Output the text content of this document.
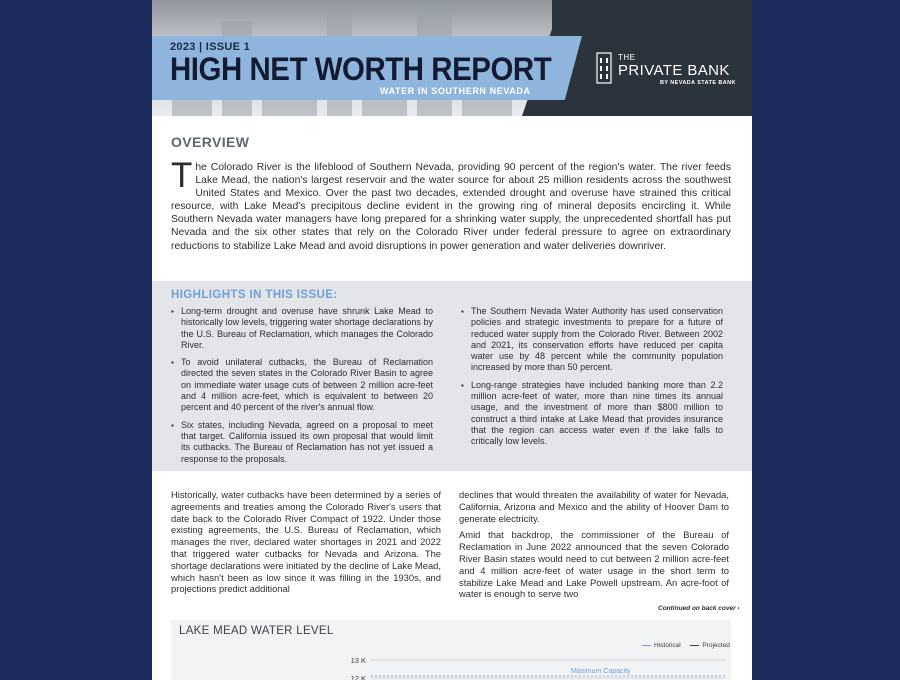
2023 | ISSUE 1
HIGH NET WORTH REPORT
WATER IN SOUTHERN NEVADA
THE
PRIVATE BANK
BY NEVADA STATE BANK
OVERVIEW
The Colorado River is the lifeblood of Southern Nevada, providing 90 percent of the region's water. The river feeds Lake Mead, the nation's largest reservoir and the water source for about 25 million residents across the southwest United States and Mexico. Over the past two decades, extended drought and overuse have strained this critical resource, with Lake Mead's precipitous decline evident in the growing ring of mineral deposits encircling it. While Southern Nevada water managers have long prepared for a shrinking water supply, the unprecedented shortfall has put Nevada and the six other states that rely on the Colorado River under federal pressure to agree on extraordinary reductions to stabilize Lake Mead and avoid disruptions in power generation and water deliveries downriver.
HIGHLIGHTS IN THIS ISSUE:
▪ Long-term drought and overuse have shrunk Lake Mead to historically low levels, triggering water shortage declarations by the U.S. Bureau of Reclamation, which manages the Colorado River.
▪ To avoid unilateral cutbacks, the Bureau of Reclamation directed the seven states in the Colorado River Basin to agree on immediate water usage cuts of between 2 million acre-feet and 4 million acre-feet, which is equivalent to between 20 percent and 40 percent of the river's annual flow.
▪ Six states, including Nevada, agreed on a proposal to meet that target. California issued its own proposal that would limit its cutbacks. The Bureau of Reclamation has not yet issued a response to the proposals.
▪ The Southern Nevada Water Authority has used conservation policies and strategic investments to prepare for a future of reduced water supply from the Colorado River. Between 2002 and 2021, its conservation efforts have reduced per capita water use by 48 percent while the community population increased by more than 50 percent.
▪ Long-range strategies have included banking more than 2.2 million acre-feet of water, more than nine times its annual usage, and the investment of more than $800 million to construct a third intake at Lake Mead that provides insurance that the region can access water even if the lake falls to critically low levels.

Historically, water cutbacks have been determined by a series of agreements and treaties among the Colorado River's users that date back to the Colorado River Compact of 1922. Under those existing agreements, the U.S. Bureau of Reclamation, which manages the river, declared water shortages in 2021 and 2022 that triggered water cutbacks for Nevada and Arizona. The shortage declarations were initiated by the decline of Lake Mead, which hasn't been as low since it was filling in the 1930s, and projections predict additional

declines that would threaten the availability of water for Nevada, California, Arizona and Mexico and the ability of Hoover Dam to generate electricity.

Amid that backdrop, the commissioner of the Bureau of Reclamation in June 2022 announced that the seven Colorado River Basin states would need to cut between 2 million acre-feet and 4 million acre-feet of water usage in the short term to stabilize Lake Mead and Lake Powell upstream. An acre-foot of water is enough to serve two

Continued on back cover ›
LAKE MEAD WATER LEVEL
Historical	Projected
13 K
12 K
Maximum Capacity
